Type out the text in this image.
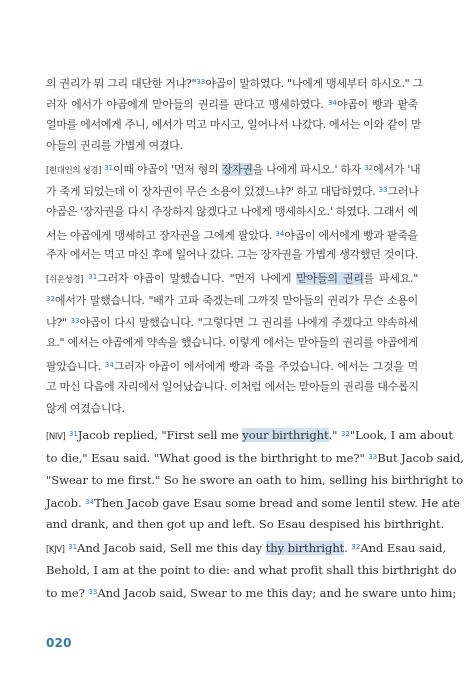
의 권리가 뭐 그리 대단한 거냐?"$^{33}$야곱이 말하였다. "나에게 맹세부터 하시오." 그
러자 에서가 야곱에게 맏아들의 권리를 판다고 맹세하였다. $^{34}$야곱이 빵과 팥죽
얼마를 에서에게 주니, 에서가 먹고 마시고, 일어나서 나갔다. 에서는 이와 같이 맏
아들의 권리를 가볍게 여겼다.
[현대인의 성경] $^{31}$이때 야곱이 '먼저 형의 장자권을 나에게 파시오.' 하자 $^{32}$에서가 '내
가 죽게 되었는데 이 장자권이 무슨 소용이 있겠느냐?' 하고 대답하였다. $^{33}$그러나
야곱은 '장자권을 다시 주장하지 않겠다고 나에게 맹세하시오.' 하였다. 그래서 에
서는 야곱에게 맹세하고 장자권을 그에게 팔았다. $^{34}$야곱이 에서에게 빵과 팥죽을
주자 에서는 먹고 마신 후에 일어나 갔다. 그는 장자권을 가볍게 생각했던 것이다.
[쉬운성경] $^{31}$그러자 야곱이 말했습니다. "먼저 나에게 맏아들의 권리를 파세요."
$^{32}$에서가 말했습니다. "배가 고파 죽겠는데 그까짓 맏아들의 권리가 무슨 소용이
냐?" $^{33}$야곱이 다시 말했습니다. "그렇다면 그 권리를 나에게 주겠다고 약속하세
요." 에서는 야곱에게 약속을 했습니다. 이렇게 에서는 맏아들의 권리를 야곱에게
팔았습니다. $^{34}$그러자 야곱이 에서에게 빵과 죽을 주었습니다. 에서는 그것을 먹
고 마신 다음에 자리에서 일어났습니다. 이처럼 에서는 맏아들의 권리를 대수롭지
않게 여겼습니다.
[NIV] $^{31}$Jacob replied, "First sell me your birthright." $^{32}$"Look, I am about
to die," Esau said. "What good is the birthright to me?" $^{33}$But Jacob said,
"Swear to me first." So he swore an oath to him, selling his birthright to
Jacob. $^{34}$Then Jacob gave Esau some bread and some lentil stew. He ate
and drank, and then got up and left. So Esau despised his birthright.
[KJV] $^{31}$And Jacob said, Sell me this day thy birthright. $^{32}$And Esau said,
Behold, I am at the point to die: and what profit shall this birthright do
to me? $^{33}$And Jacob said, Swear to me this day; and he sware unto him;
020
